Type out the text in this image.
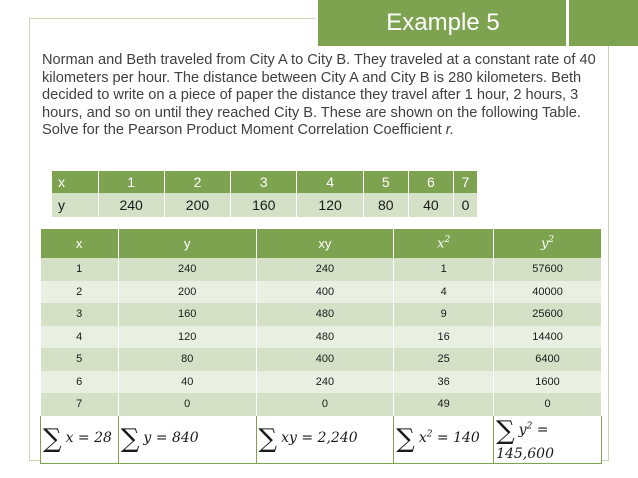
Example 5
Norman and Beth traveled from City A to City B. They traveled at a constant rate of 40 kilometers per hour. The distance between City A and City B is 280 kilometers. Beth decided to write on a piece of paper the distance they travel after 1 hour, 2 hours, 3 hours, and so on until they reached City B. These are shown on the following Table. Solve for the Pearson Product Moment Correlation Coefficient r.
x	1	2	3	4	5	6	7
y	240	200	160	120	80	40	0
x	y	xy	$x^2$	$y^2$
1	240	240	1	57600
2	200	400	4	40000
3	160	480	9	25600
4	120	480	16	14400
5	80	400	25	6400
6	40	240	36	1600
7	0	0	49	0
∑ x = 28	∑ y = 840	∑ xy = 2,240	∑ $x^2 = 140$	∑ $y^2 = 145,600$
